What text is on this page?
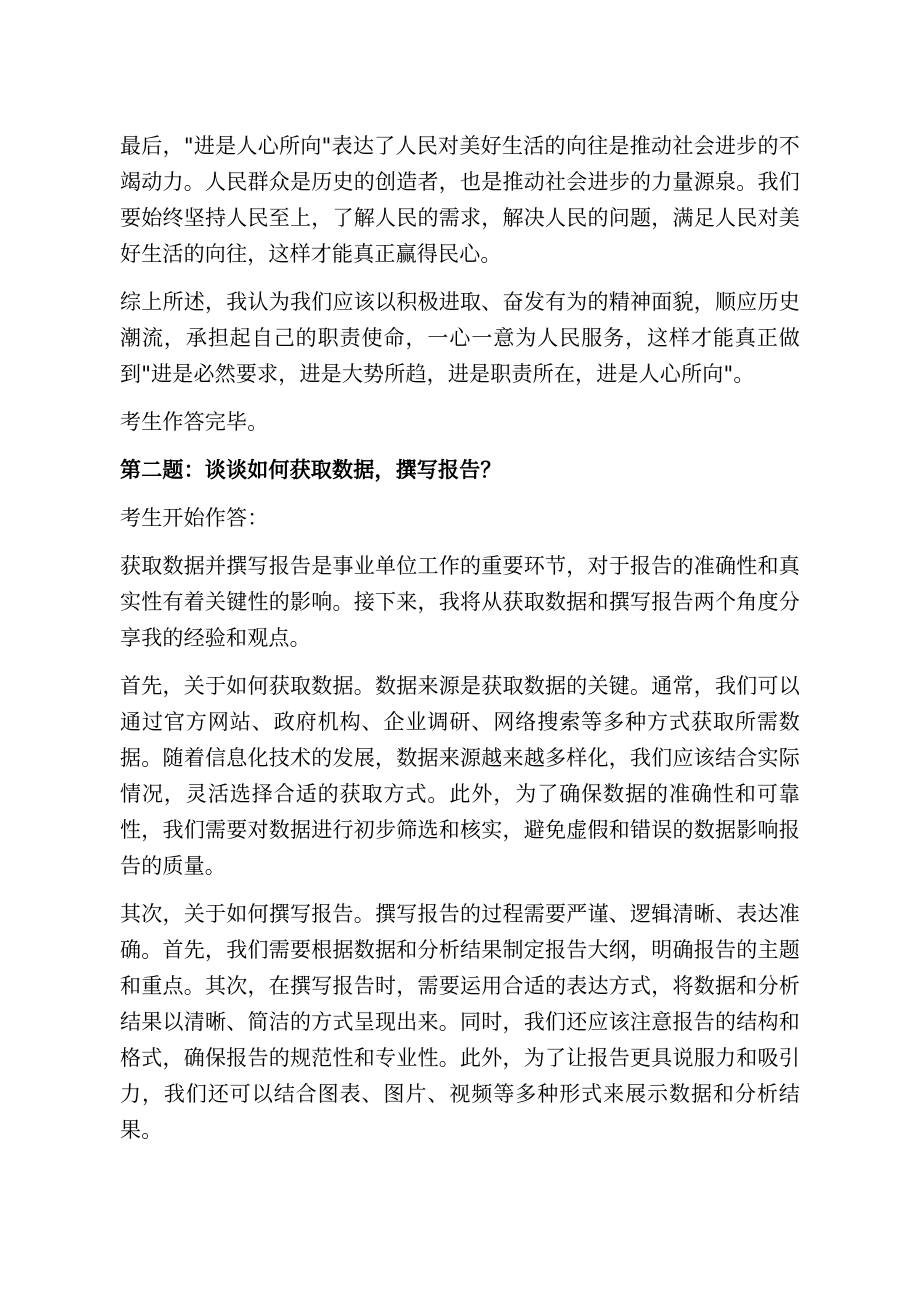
最后，"进是人心所向"表达了人民对美好生活的向往是推动社会进步的不竭动力。人民群众是历史的创造者，也是推动社会进步的力量源泉。我们要始终坚持人民至上，了解人民的需求，解决人民的问题，满足人民对美好生活的向往，这样才能真正赢得民心。

综上所述，我认为我们应该以积极进取、奋发有为的精神面貌，顺应历史潮流，承担起自己的职责使命，一心一意为人民服务，这样才能真正做到"进是必然要求，进是大势所趋，进是职责所在，进是人心所向"。

考生作答完毕。

第二题：谈谈如何获取数据，撰写报告？

考生开始作答：

获取数据并撰写报告是事业单位工作的重要环节，对于报告的准确性和真实性有着关键性的影响。接下来，我将从获取数据和撰写报告两个角度分享我的经验和观点。

首先，关于如何获取数据。数据来源是获取数据的关键。通常，我们可以通过官方网站、政府机构、企业调研、网络搜索等多种方式获取所需数据。随着信息化技术的发展，数据来源越来越多样化，我们应该结合实际情况，灵活选择合适的获取方式。此外，为了确保数据的准确性和可靠性，我们需要对数据进行初步筛选和核实，避免虚假和错误的数据影响报告的质量。

其次，关于如何撰写报告。撰写报告的过程需要严谨、逻辑清晰、表达准确。首先，我们需要根据数据和分析结果制定报告大纲，明确报告的主题和重点。其次，在撰写报告时，需要运用合适的表达方式，将数据和分析结果以清晰、简洁的方式呈现出来。同时，我们还应该注意报告的结构和格式，确保报告的规范性和专业性。此外，为了让报告更具说服力和吸引力，我们还可以结合图表、图片、视频等多种形式来展示数据和分析结果。
